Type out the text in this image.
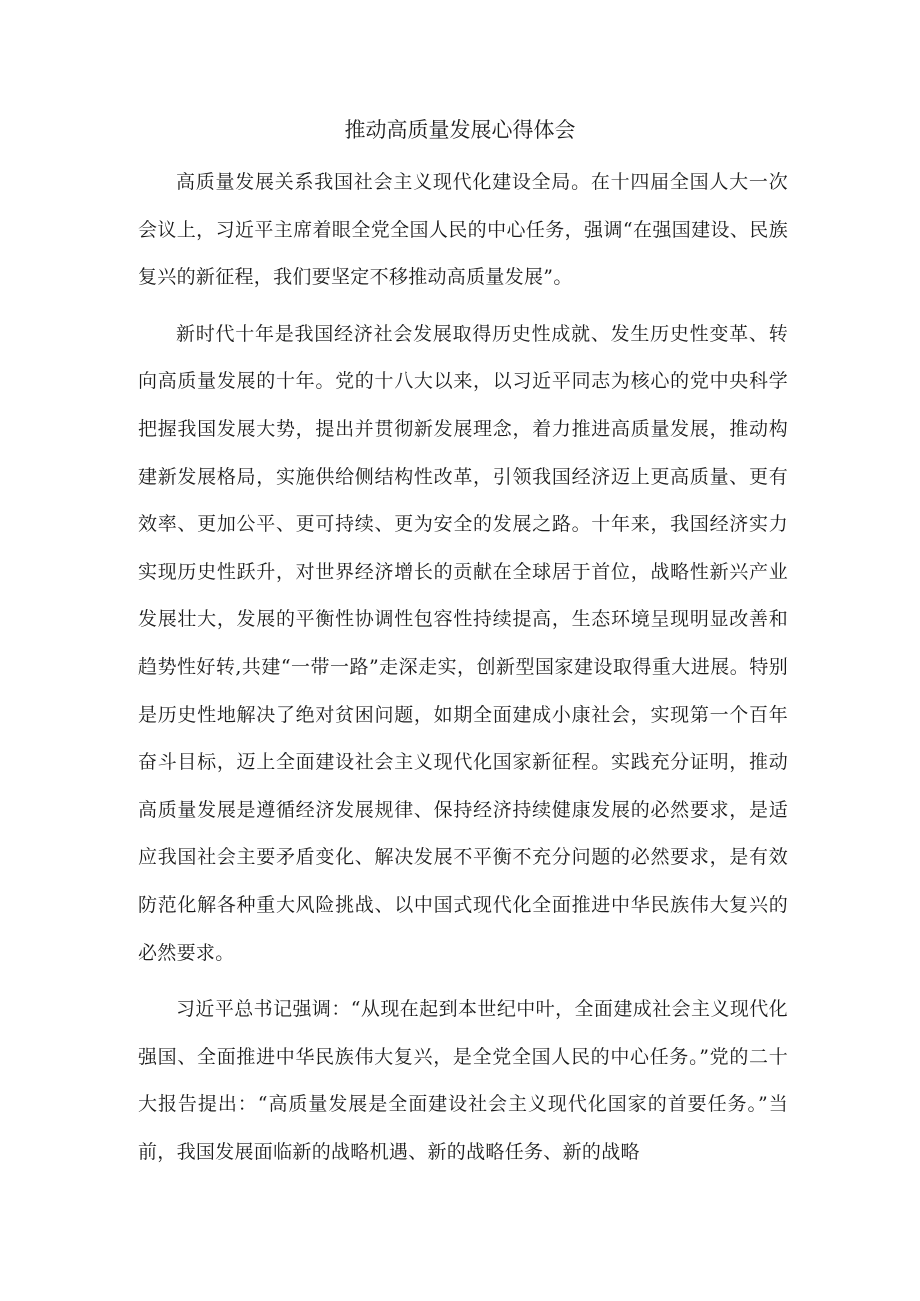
推动高质量发展心得体会

高质量发展关系我国社会主义现代化建设全局。在十四届全国人大一次会议上，习近平主席着眼全党全国人民的中心任务，强调“在强国建设、民族复兴的新征程，我们要坚定不移推动高质量发展”。

新时代十年是我国经济社会发展取得历史性成就、发生历史性变革、转向高质量发展的十年。党的十八大以来，以习近平同志为核心的党中央科学把握我国发展大势，提出并贯彻新发展理念，着力推进高质量发展，推动构建新发展格局，实施供给侧结构性改革，引领我国经济迈上更高质量、更有效率、更加公平、更可持续、更为安全的发展之路。十年来，我国经济实力实现历史性跃升，对世界经济增长的贡献在全球居于首位，战略性新兴产业发展壮大，发展的平衡性协调性包容性持续提高，生态环境呈现明显改善和趋势性好转,共建“一带一路”走深走实，创新型国家建设取得重大进展。特别是历史性地解决了绝对贫困问题，如期全面建成小康社会，实现第一个百年奋斗目标，迈上全面建设社会主义现代化国家新征程。实践充分证明，推动高质量发展是遵循经济发展规律、保持经济持续健康发展的必然要求，是适应我国社会主要矛盾变化、解决发展不平衡不充分问题的必然要求，是有效防范化解各种重大风险挑战、以中国式现代化全面推进中华民族伟大复兴的必然要求。

习近平总书记强调：“从现在起到本世纪中叶，全面建成社会主义现代化强国、全面推进中华民族伟大复兴，是全党全国人民的中心任务。”党的二十大报告提出：“高质量发展是全面建设社会主义现代化国家的首要任务。”当前，我国发展面临新的战略机遇、新的战略任务、新的战略
